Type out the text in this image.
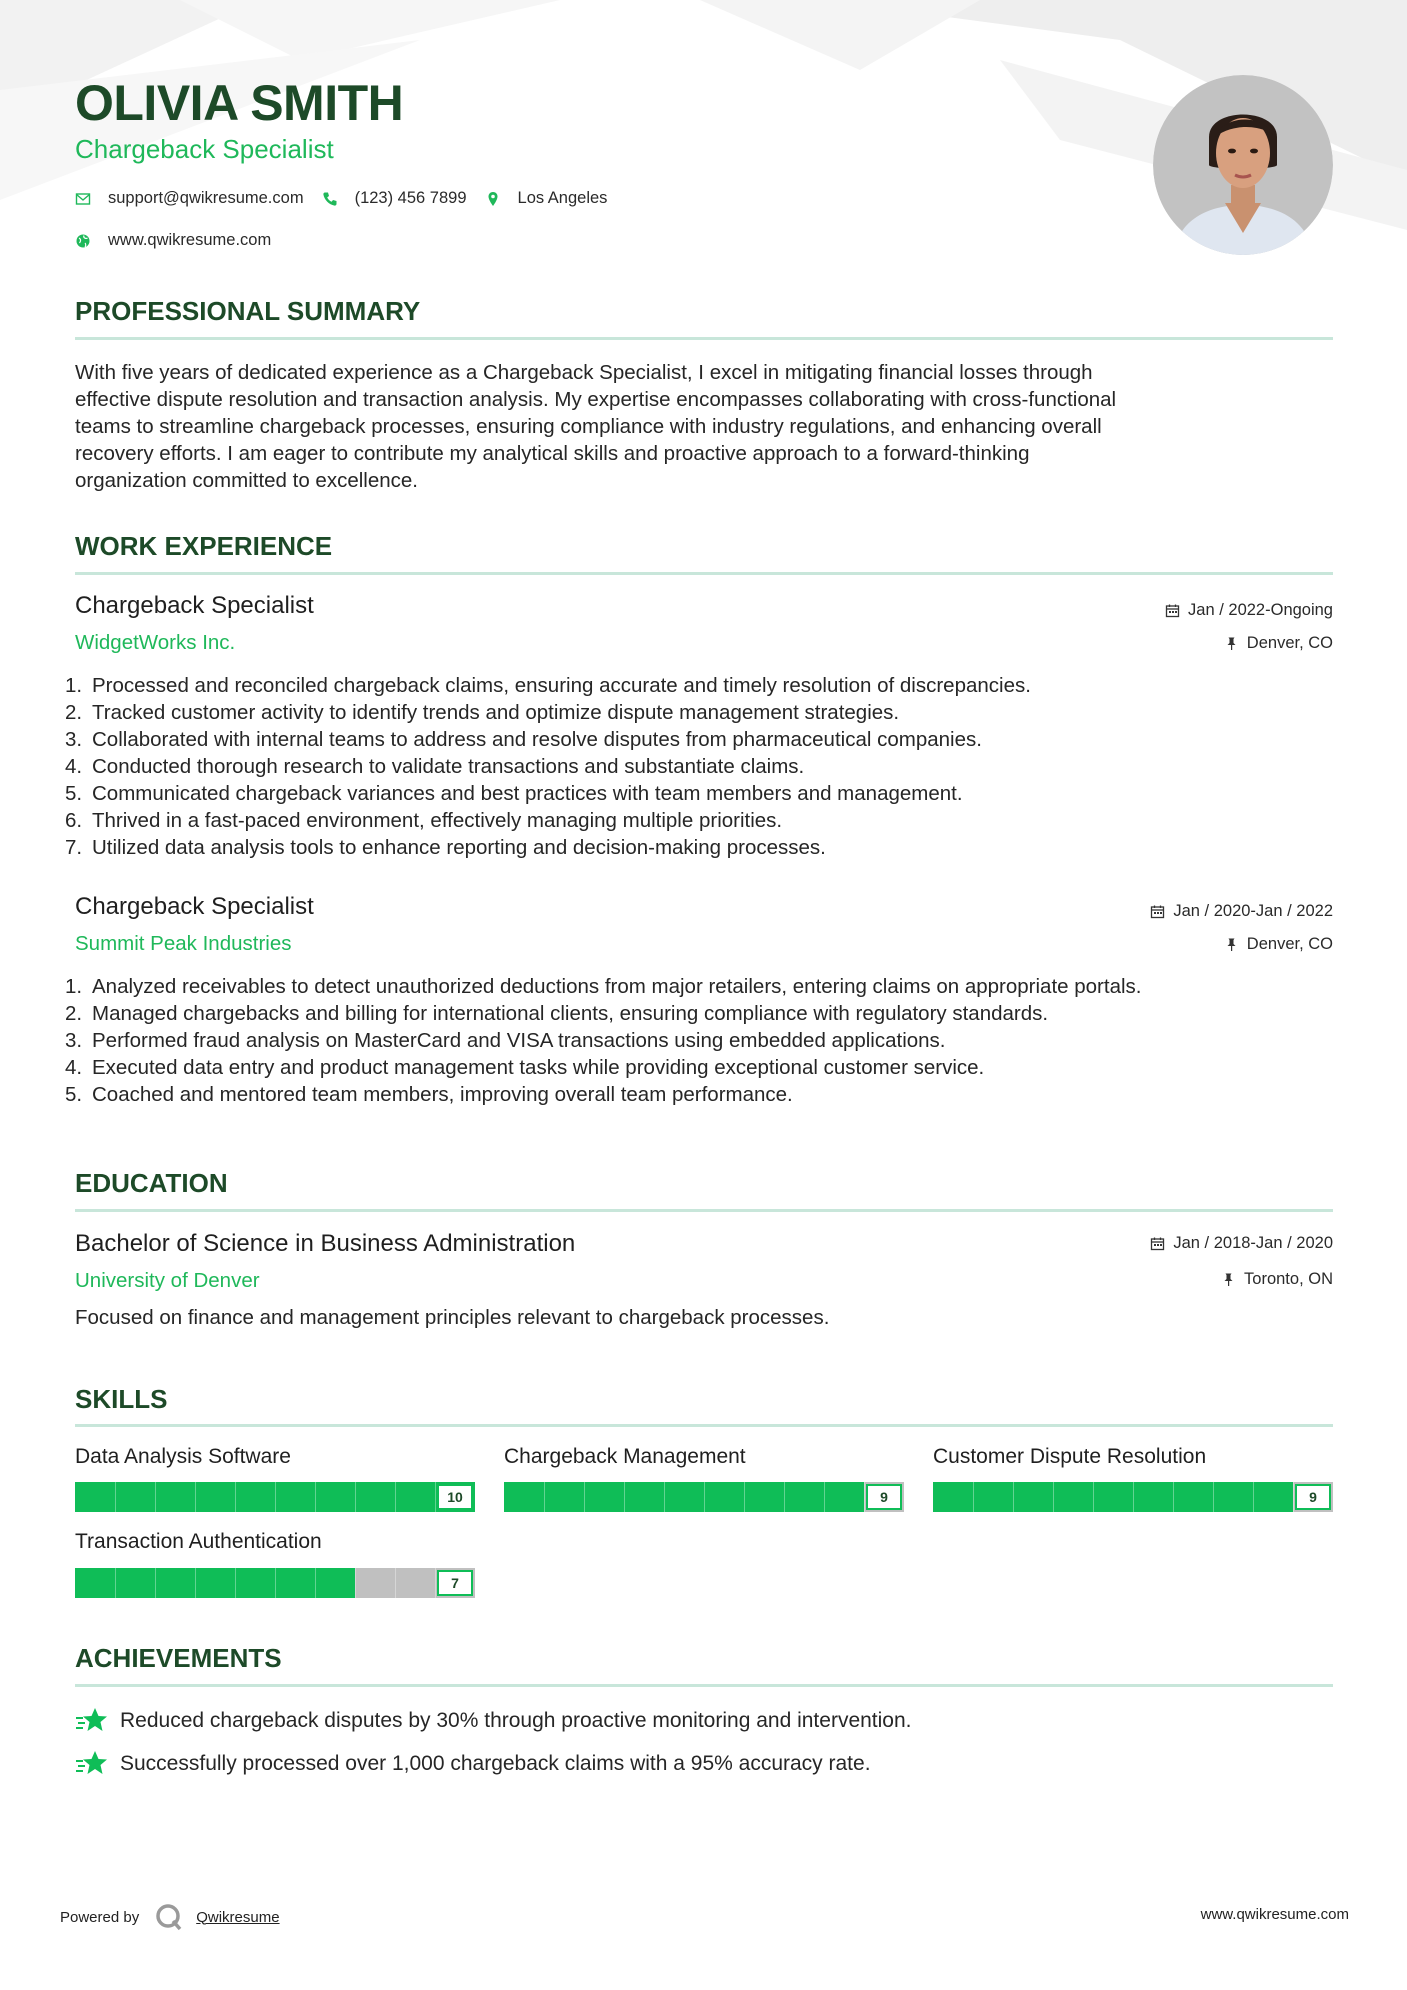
OLIVIA SMITH
Chargeback Specialist
support@qwikresume.com	(123) 456 7899	Los Angeles
www.qwikresume.com
PROFESSIONAL SUMMARY
With five years of dedicated experience as a Chargeback Specialist, I excel in mitigating financial losses through
effective dispute resolution and transaction analysis. My expertise encompasses collaborating with cross-functional
teams to streamline chargeback processes, ensuring compliance with industry regulations, and enhancing overall
recovery efforts. I am eager to contribute my analytical skills and proactive approach to a forward-thinking
organization committed to excellence.
WORK EXPERIENCE
Chargeback Specialist
WidgetWorks Inc.
Jan / 2022-Ongoing
Denver, CO
1. Processed and reconciled chargeback claims, ensuring accurate and timely resolution of discrepancies.
2. Tracked customer activity to identify trends and optimize dispute management strategies.
3. Collaborated with internal teams to address and resolve disputes from pharmaceutical companies.
4. Conducted thorough research to validate transactions and substantiate claims.
5. Communicated chargeback variances and best practices with team members and management.
6. Thrived in a fast-paced environment, effectively managing multiple priorities.
7. Utilized data analysis tools to enhance reporting and decision-making processes.
Chargeback Specialist
Summit Peak Industries
Jan / 2020-Jan / 2022
Denver, CO
1. Analyzed receivables to detect unauthorized deductions from major retailers, entering claims on appropriate portals.
2. Managed chargebacks and billing for international clients, ensuring compliance with regulatory standards.
3. Performed fraud analysis on MasterCard and VISA transactions using embedded applications.
4. Executed data entry and product management tasks while providing exceptional customer service.
5. Coached and mentored team members, improving overall team performance.
EDUCATION
Bachelor of Science in Business Administration
University of Denver
Jan / 2018-Jan / 2020
Toronto, ON
Focused on finance and management principles relevant to chargeback processes.
SKILLS
Data Analysis Software
10
Chargeback Management
9
Customer Dispute Resolution
9
Transaction Authentication
7
ACHIEVEMENTS
Reduced chargeback disputes by 30% through proactive monitoring and intervention.
Successfully processed over 1,000 chargeback claims with a 95% accuracy rate.
Powered by	Qwikresume	www.qwikresume.com
